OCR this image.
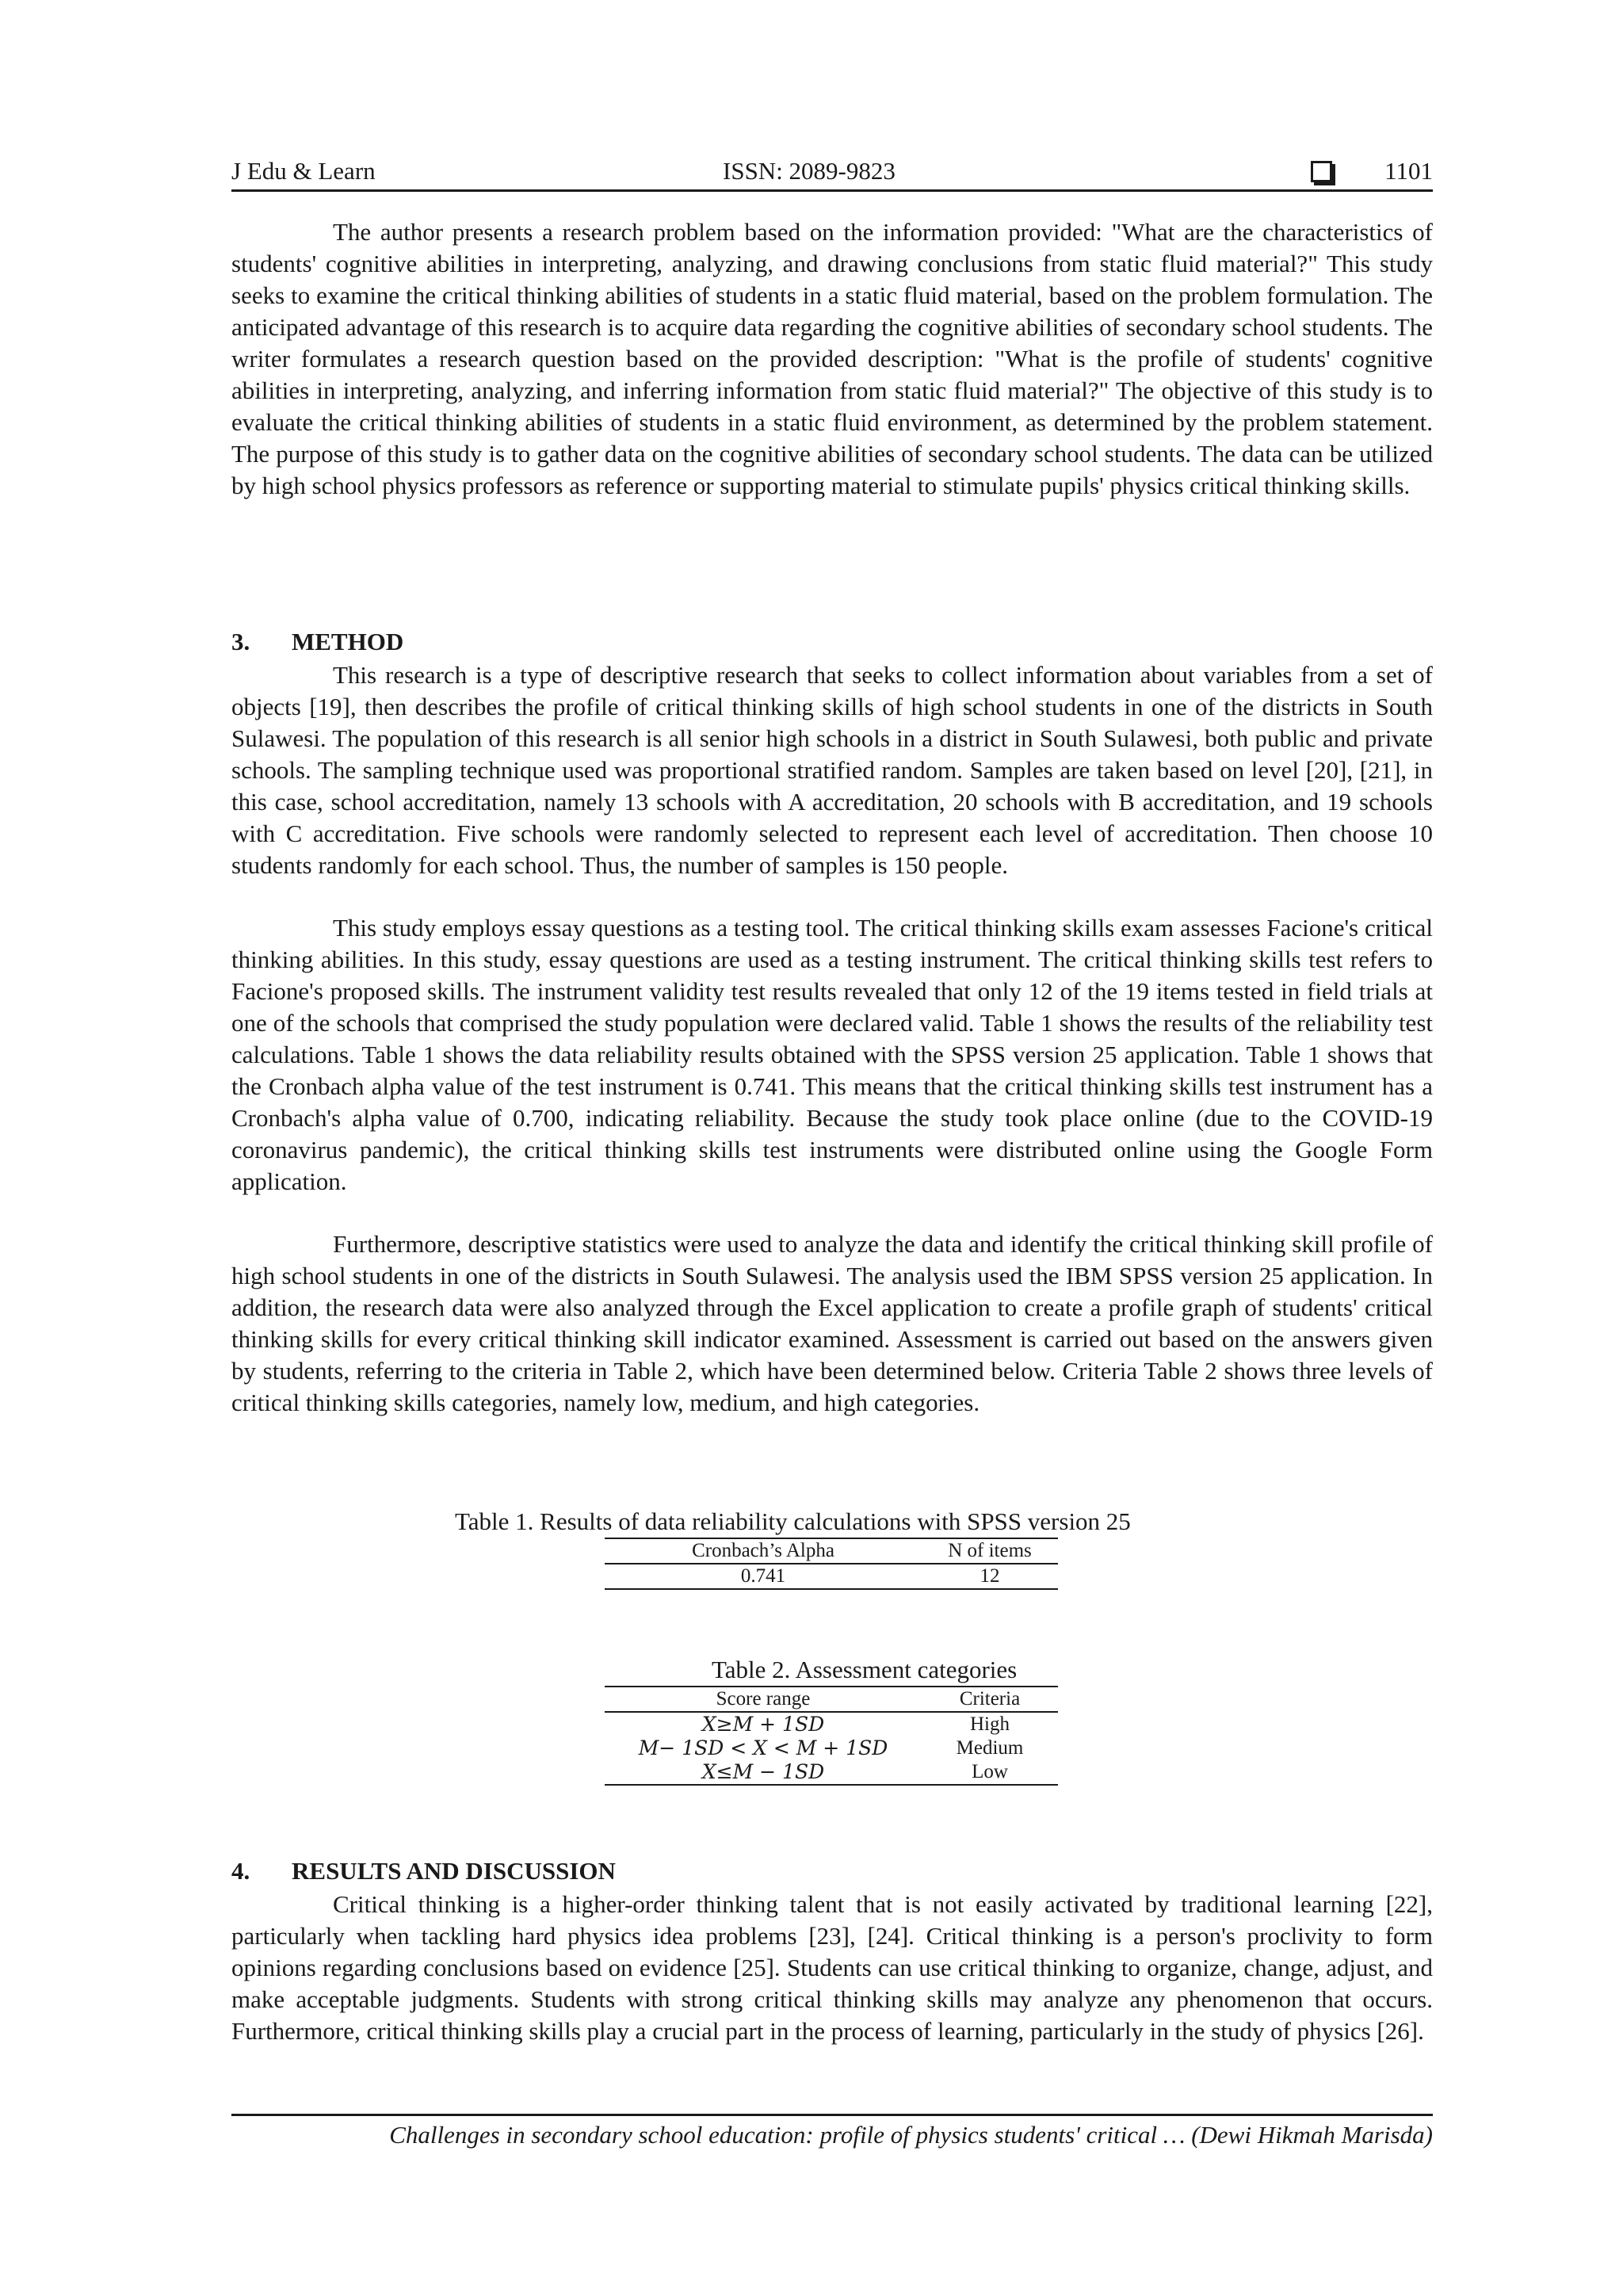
J Edu & Learn	ISSN: 2089-9823	1101

The author presents a research problem based on the information provided: "What are the characteristics of students' cognitive abilities in interpreting, analyzing, and drawing conclusions from static fluid material?" This study seeks to examine the critical thinking abilities of students in a static fluid material, based on the problem formulation. The anticipated advantage of this research is to acquire data regarding the cognitive abilities of secondary school students. The writer formulates a research question based on the provided description: "What is the profile of students' cognitive abilities in interpreting, analyzing, and inferring information from static fluid material?" The objective of this study is to evaluate the critical thinking abilities of students in a static fluid environment, as determined by the problem statement. The purpose of this study is to gather data on the cognitive abilities of secondary school students. The data can be utilized by high school physics professors as reference or supporting material to stimulate pupils' physics critical thinking skills.

3. METHOD

This research is a type of descriptive research that seeks to collect information about variables from a set of objects [19], then describes the profile of critical thinking skills of high school students in one of the districts in South Sulawesi. The population of this research is all senior high schools in a district in South Sulawesi, both public and private schools. The sampling technique used was proportional stratified random. Samples are taken based on level [20], [21], in this case, school accreditation, namely 13 schools with A accreditation, 20 schools with B accreditation, and 19 schools with C accreditation. Five schools were randomly selected to represent each level of accreditation. Then choose 10 students randomly for each school. Thus, the number of samples is 150 people.

This study employs essay questions as a testing tool. The critical thinking skills exam assesses Facione's critical thinking abilities. In this study, essay questions are used as a testing instrument. The critical thinking skills test refers to Facione's proposed skills. The instrument validity test results revealed that only 12 of the 19 items tested in field trials at one of the schools that comprised the study population were declared valid. Table 1 shows the results of the reliability test calculations. Table 1 shows the data reliability results obtained with the SPSS version 25 application. Table 1 shows that the Cronbach alpha value of the test instrument is 0.741. This means that the critical thinking skills test instrument has a Cronbach's alpha value of 0.700, indicating reliability. Because the study took place online (due to the COVID-19 coronavirus pandemic), the critical thinking skills test instruments were distributed online using the Google Form application.

Furthermore, descriptive statistics were used to analyze the data and identify the critical thinking skill profile of high school students in one of the districts in South Sulawesi. The analysis used the IBM SPSS version 25 application. In addition, the research data were also analyzed through the Excel application to create a profile graph of students' critical thinking skills for every critical thinking skill indicator examined. Assessment is carried out based on the answers given by students, referring to the criteria in Table 2, which have been determined below. Criteria Table 2 shows three levels of critical thinking skills categories, namely low, medium, and high categories.

Table 1. Results of data reliability calculations with SPSS version 25
Cronbach’s Alpha	N of items
0.741	12
Table 2. Assessment categories
Score range	Criteria
X≥M + 1SD	High
M− 1SD < X < M + 1SD	Medium
X≤M − 1SD	Low
4. RESULTS AND DISCUSSION

Critical thinking is a higher-order thinking talent that is not easily activated by traditional learning [22], particularly when tackling hard physics idea problems [23], [24]. Critical thinking is a person's proclivity to form opinions regarding conclusions based on evidence [25]. Students can use critical thinking to organize, change, adjust, and make acceptable judgments. Students with strong critical thinking skills may analyze any phenomenon that occurs. Furthermore, critical thinking skills play a crucial part in the process of learning, particularly in the study of physics [26].

Challenges in secondary school education: profile of physics students' critical … (Dewi Hikmah Marisda)
